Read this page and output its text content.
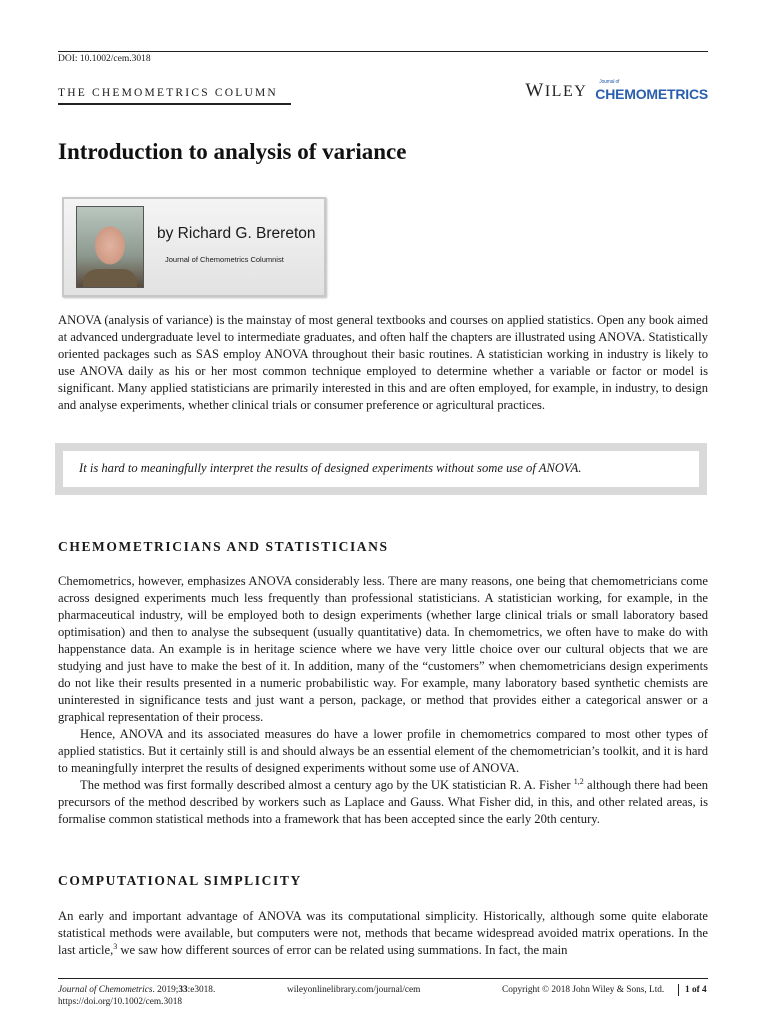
DOI: 10.1002/cem.3018
THE CHEMOMETRICS COLUMN	WILEY
Journal of
CHEMOMETRICS
Introduction to analysis of variance
by Richard G. Brereton
Journal of Chemometrics Columnist

ANOVA (analysis of variance) is the mainstay of most general textbooks and courses on applied statistics. Open any book aimed at advanced undergraduate level to intermediate graduates, and often half the chapters are illustrated using ANOVA. Statistically oriented packages such as SAS employ ANOVA throughout their basic routines. A statistician working in industry is likely to use ANOVA daily as his or her most common technique employed to determine whether a variable or factor or model is significant. Many applied statisticians are primarily interested in this and are often employed, for example, in industry, to design and analyse experiments, whether clinical trials or consumer preference or agricultural practices.

It is hard to meaningfully interpret the results of designed experiments without some use of ANOVA.
CHEMOMETRICIANS AND STATISTICIANS

Chemometrics, however, emphasizes ANOVA considerably less. There are many reasons, one being that chemometricians come across designed experiments much less frequently than professional statisticians. A statistician working, for example, in the pharmaceutical industry, will be employed both to design experiments (whether large clinical trials or small laboratory based optimisation) and then to analyse the subsequent (usually quantitative) data. In chemometrics, we often have to make do with happenstance data. An example is in heritage science where we have very little choice over our cultural objects that we are studying and just have to make the best of it. In addition, many of the “customers” when chemometricians design experiments do not like their results presented in a numeric probabilistic way. For example, many laboratory based synthetic chemists are uninterested in significance tests and just want a person, package, or method that provides either a categorical answer or a graphical representation of their process.

Hence, ANOVA and its associated measures do have a lower profile in chemometrics compared to most other types of applied statistics. But it certainly still is and should always be an essential element of the chemometrician’s toolkit, and it is hard to meaningfully interpret the results of designed experiments without some use of ANOVA.

The method was first formally described almost a century ago by the UK statistician R. A. Fisher $^{1,2}$ although there had been precursors of the method described by workers such as Laplace and Gauss. What Fisher did, in this, and other related areas, is formalise common statistical methods into a framework that has been accepted since the early 20th century.

COMPUTATIONAL SIMPLICITY

An early and important advantage of ANOVA was its computational simplicity. Historically, although some quite elaborate statistical methods were available, but computers were not, methods that became widespread avoided matrix operations. In the last article,$^3$ we saw how different sources of error can be related using summations. In fact, the main

Journal of Chemometrics. 2019;33:e3018.
https://doi.org/10.1002/cem.3018
wileyonlinelibrary.com/journal/cem	Copyright © 2018 John Wiley & Sons, Ltd.	1 of 4
